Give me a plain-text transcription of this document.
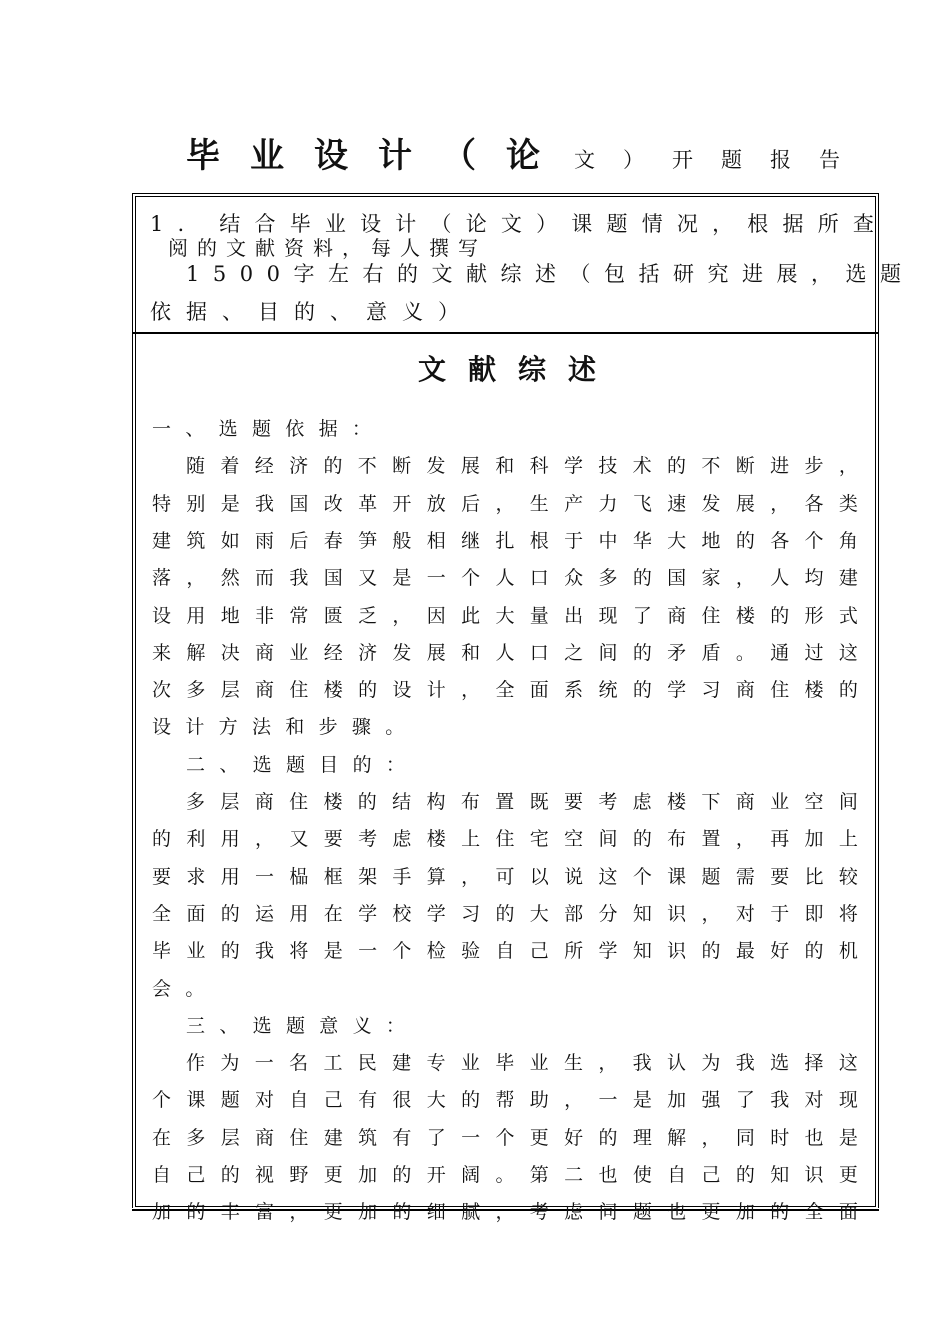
毕业设计（论 文）开题报告
1. 结合毕业设计（论文）课题情况，根据所查
阅的文献资料，每人撰写
1500字左右的文献综述（包括研究进展，选题
依据、目的、意义）
文献综述
一 、 选 题 依 据 ：
随 着 经 济 的 不 断 发 展 和 科 学 技 术 的 不 断 进 步 ，
特 别 是 我 国 改 革 开 放 后 ， 生 产 力 飞 速 发 展 ， 各 类
建 筑 如 雨 后 春 笋 般 相 继 扎 根 于 中 华 大 地 的 各 个 角
落 ， 然 而 我 国 又 是 一 个 人 口 众 多 的 国 家 ， 人 均 建
设 用 地 非 常 匮 乏 ， 因 此 大 量 出 现 了 商 住 楼 的 形 式
来 解 决 商 业 经 济 发 展 和 人 口 之 间 的 矛 盾 。 通 过 这
次 多 层 商 住 楼 的 设 计 ， 全 面 系 统 的 学 习 商 住 楼 的
设 计 方 法 和 步 骤 。
二 、 选 题 目 的 ：
多 层 商 住 楼 的 结 构 布 置 既 要 考 虑 楼 下 商 业 空 间
的 利 用 ， 又 要 考 虑 楼 上 住 宅 空 间 的 布 置 ， 再 加 上
要 求 用 一 榀 框 架 手 算 ， 可 以 说 这 个 课 题 需 要 比 较
全 面 的 运 用 在 学 校 学 习 的 大 部 分 知 识 ， 对 于 即 将
毕 业 的 我 将 是 一 个 检 验 自 己 所 学 知 识 的 最 好 的 机
会 。
三 、 选 题 意 义 ：
作 为 一 名 工 民 建 专 业 毕 业 生 ， 我 认 为 我 选 择 这
个 课 题 对 自 己 有 很 大 的 帮 助 ， 一 是 加 强 了 我 对 现
在 多 层 商 住 建 筑 有 了 一 个 更 好 的 理 解 ， 同 时 也 是
自 己 的 视 野 更 加 的 开 阔 。 第 二 也 使 自 己 的 知 识 更
加 的 丰 富 ， 更 加 的 细 腻 ， 考 虑 问 题 也 更 加 的 全 面
